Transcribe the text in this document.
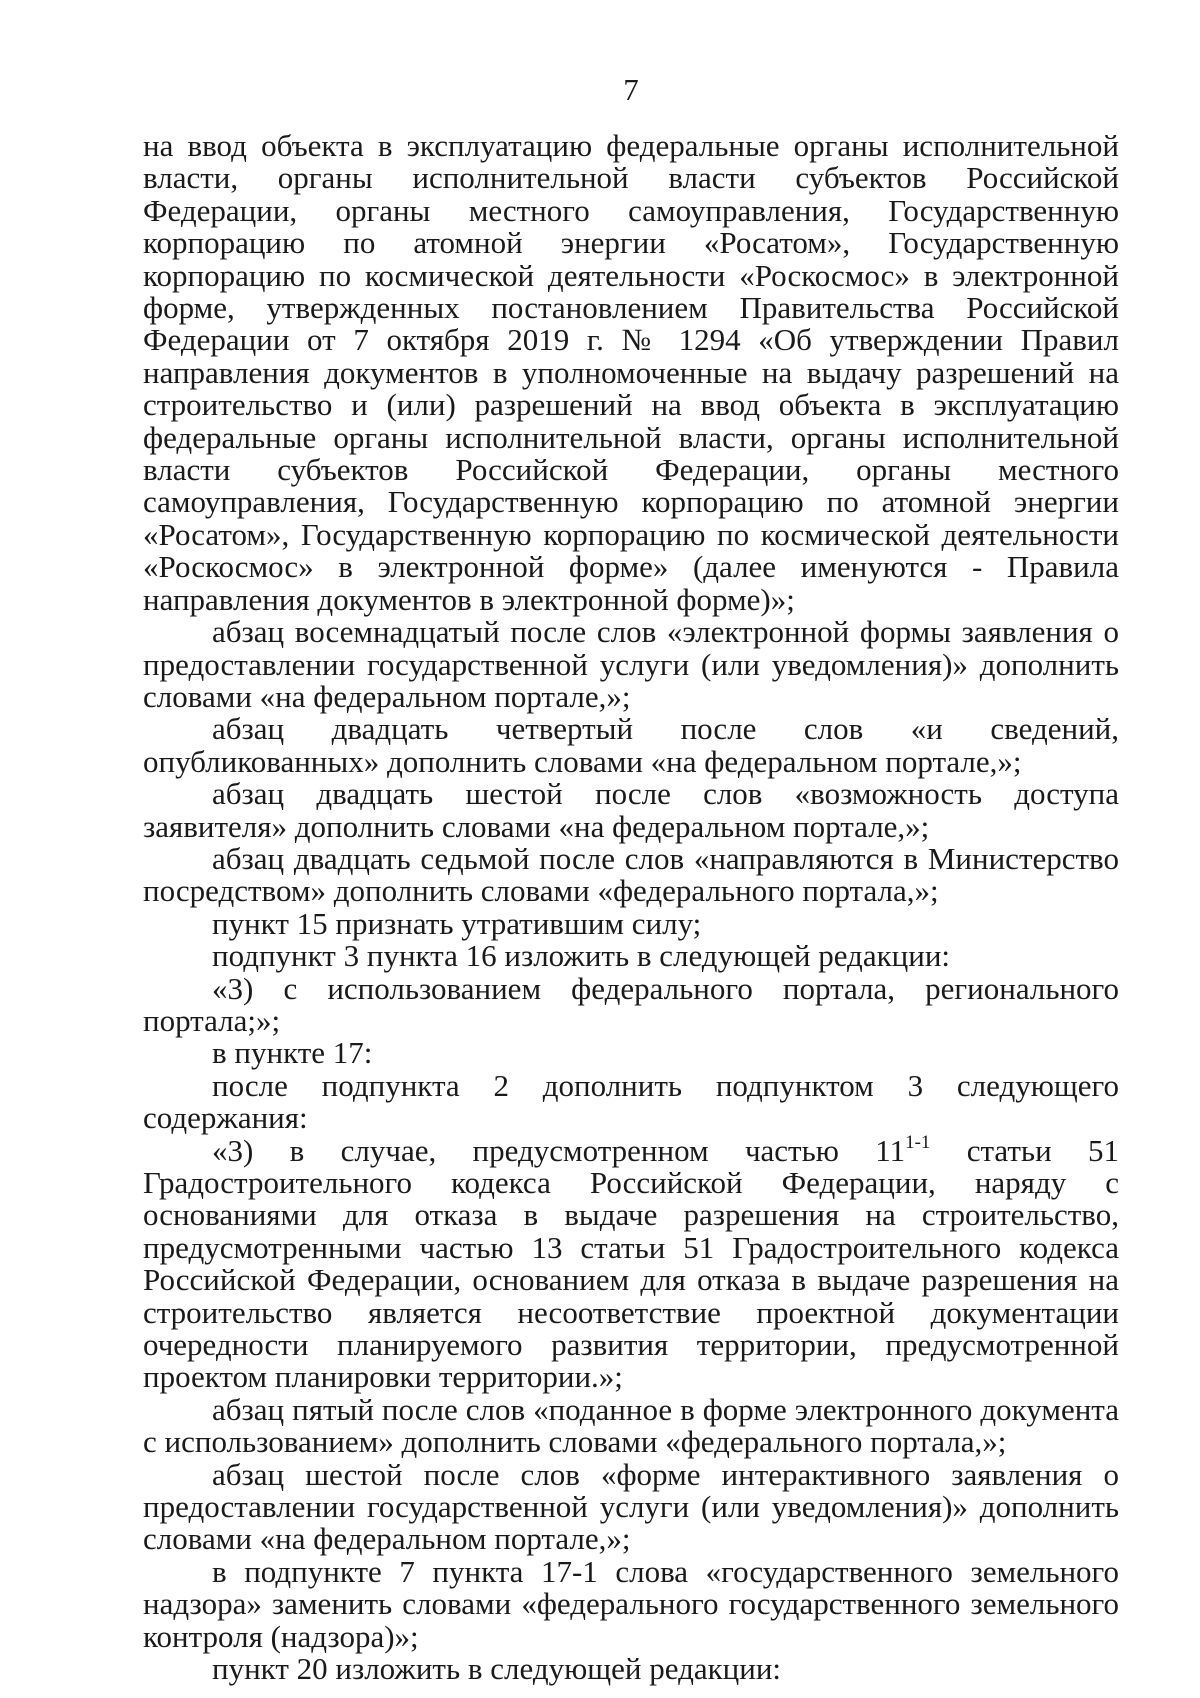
7

на ввод объекта в эксплуатацию федеральные органы исполнительной власти, органы исполнительной власти субъектов Российской Федерации, органы местного самоуправления, Государственную корпорацию по атомной энергии «Росатом», Государственную корпорацию по космической деятельности «Роскосмос» в электронной форме, утвержденных постановлением Правительства Российской Федерации от 7 октября 2019 г. № 1294 «Об утверждении Правил направления документов в уполномоченные на выдачу разрешений на строительство и (или) разрешений на ввод объекта в эксплуатацию федеральные органы исполнительной власти, органы исполнительной власти субъектов Российской Федерации, органы местного самоуправления, Государственную корпорацию по атомной энергии «Росатом», Государственную корпорацию по космической деятельности «Роскосмос» в электронной форме» (далее именуются - Правила направления документов в электронной форме)»;

абзац восемнадцатый после слов «электронной формы заявления о предоставлении государственной услуги (или уведомления)» дополнить словами «на федеральном портале,»;

абзац двадцать четвертый после слов «и сведений, опубликованных» дополнить словами «на федеральном портале,»;

абзац двадцать шестой после слов «возможность доступа заявителя» дополнить словами «на федеральном портале,»;

абзац двадцать седьмой после слов «направляются в Министерство посредством» дополнить словами «федерального портала,»;

пункт 15 признать утратившим силу;

подпункт 3 пункта 16 изложить в следующей редакции:

«3) с использованием федерального портала, регионального портала;»;

в пункте 17:

после подпункта 2 дополнить подпунктом 3 следующего содержания:

«3) в случае, предусмотренном частью 11$^{1-1}$ статьи 51 Градостроительного кодекса Российской Федерации, наряду с основаниями для отказа в выдаче разрешения на строительство, предусмотренными частью 13 статьи 51 Градостроительного кодекса Российской Федерации, основанием для отказа в выдаче разрешения на строительство является несоответствие проектной документации очередности планируемого развития территории, предусмотренной проектом планировки территории.»;

абзац пятый после слов «поданное в форме электронного документа с использованием» дополнить словами «федерального портала,»;

абзац шестой после слов «форме интерактивного заявления о предоставлении государственной услуги (или уведомления)» дополнить словами «на федеральном портале,»;

в подпункте 7 пункта 17-1 слова «государственного земельного надзора» заменить словами «федерального государственного земельного контроля (надзора)»;

пункт 20 изложить в следующей редакции:
